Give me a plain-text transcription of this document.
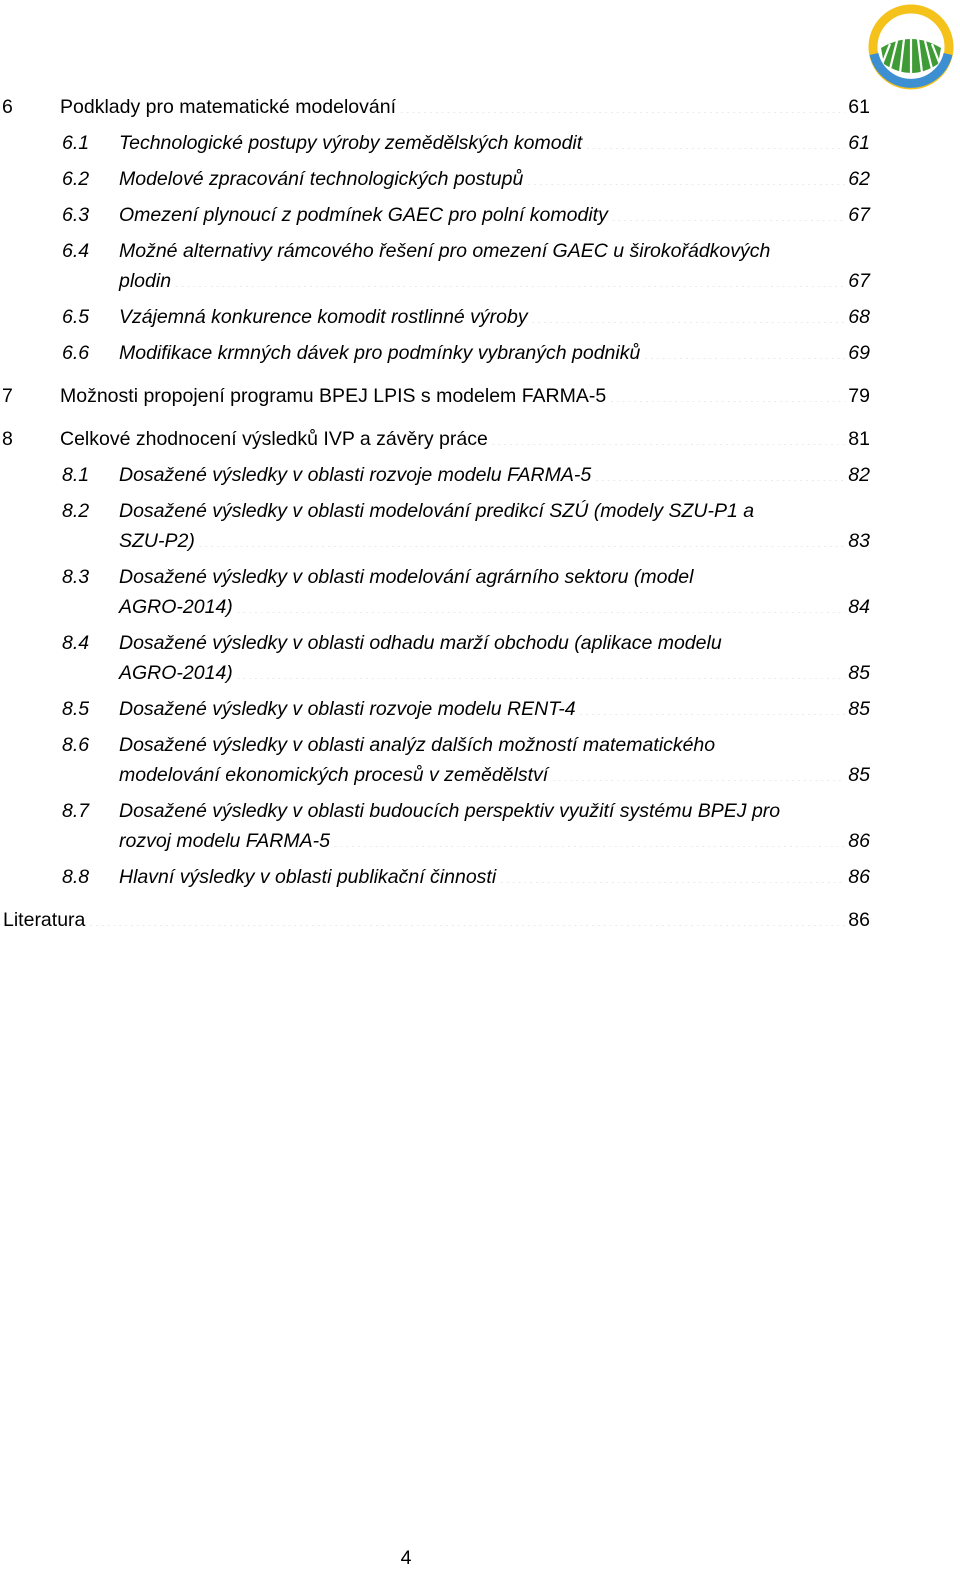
6 Podklady pro matematické modelování . . .	61
6.1 Technologické postupy výroby zemědělských komodit . . .	61
6.2 Modelové zpracování technologických postupů . . .	62
6.3 Omezení plynoucí z podmínek GAEC pro polní komodity . . .	67
6.4 Možné alternativy rámcového řešení pro omezení GAEC u širokořádkových
plodin . . .	67
6.5 Vzájemná konkurence komodit rostlinné výroby . . .	68
6.6 Modifikace krmných dávek pro podmínky vybraných podniků . . .	69
7 Možnosti propojení programu BPEJ LPIS s modelem FARMA-5 . . .	79
8 Celkové zhodnocení výsledků IVP a závěry práce . . .	81
8.1 Dosažené výsledky v oblasti rozvoje modelu FARMA-5 . . .	82
8.2 Dosažené výsledky v oblasti modelování predikcí SZÚ (modely SZU-P1 a
SZU-P2) . . .	83
8.3 Dosažené výsledky v oblasti modelování agrárního sektoru (model
AGRO-2014) . . .	84
8.4 Dosažené výsledky v oblasti odhadu marží obchodu (aplikace modelu
AGRO-2014) . . .	85
8.5 Dosažené výsledky v oblasti rozvoje modelu RENT-4 . . .	85
8.6 Dosažené výsledky v oblasti analýz dalších možností matematického
modelování ekonomických procesů v zemědělství . . .	85
8.7 Dosažené výsledky v oblasti budoucích perspektiv využití systému BPEJ pro
rozvoj modelu FARMA-5 . . .	86
8.8 Hlavní výsledky v oblasti publikační činnosti . . .	86
Literatura . . .	86
4
